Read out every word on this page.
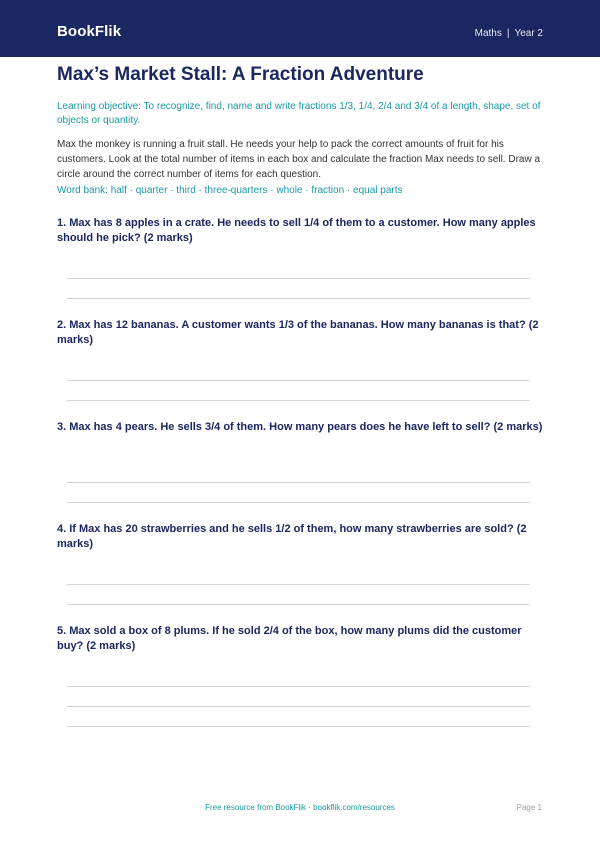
BookFlik	Maths | Year 2
Max’s Market Stall: A Fraction Adventure
Learning objective: To recognize, find, name and write fractions 1/3, 1/4, 2/4 and 3/4 of a length, shape, set of objects or quantity.
Max the monkey is running a fruit stall. He needs your help to pack the correct amounts of fruit for his customers. Look at the total number of items in each box and calculate the fraction Max needs to sell. Draw a circle around the correct number of items for each question.
Word bank: half · quarter · third · three-quarters · whole · fraction · equal parts
1. Max has 8 apples in a crate. He needs to sell 1/4 of them to a customer. How many apples should he pick? (2 marks)
2. Max has 12 bananas. A customer wants 1/3 of the bananas. How many bananas is that? (2 marks)
3. Max has 4 pears. He sells 3/4 of them. How many pears does he have left to sell? (2 marks)
4. If Max has 20 strawberries and he sells 1/2 of them, how many strawberries are sold? (2 marks)
5. Max sold a box of 8 plums. If he sold 2/4 of the box, how many plums did the customer buy? (2 marks)
Free resource from BookFlik · bookflik.com/resources	Page 1
